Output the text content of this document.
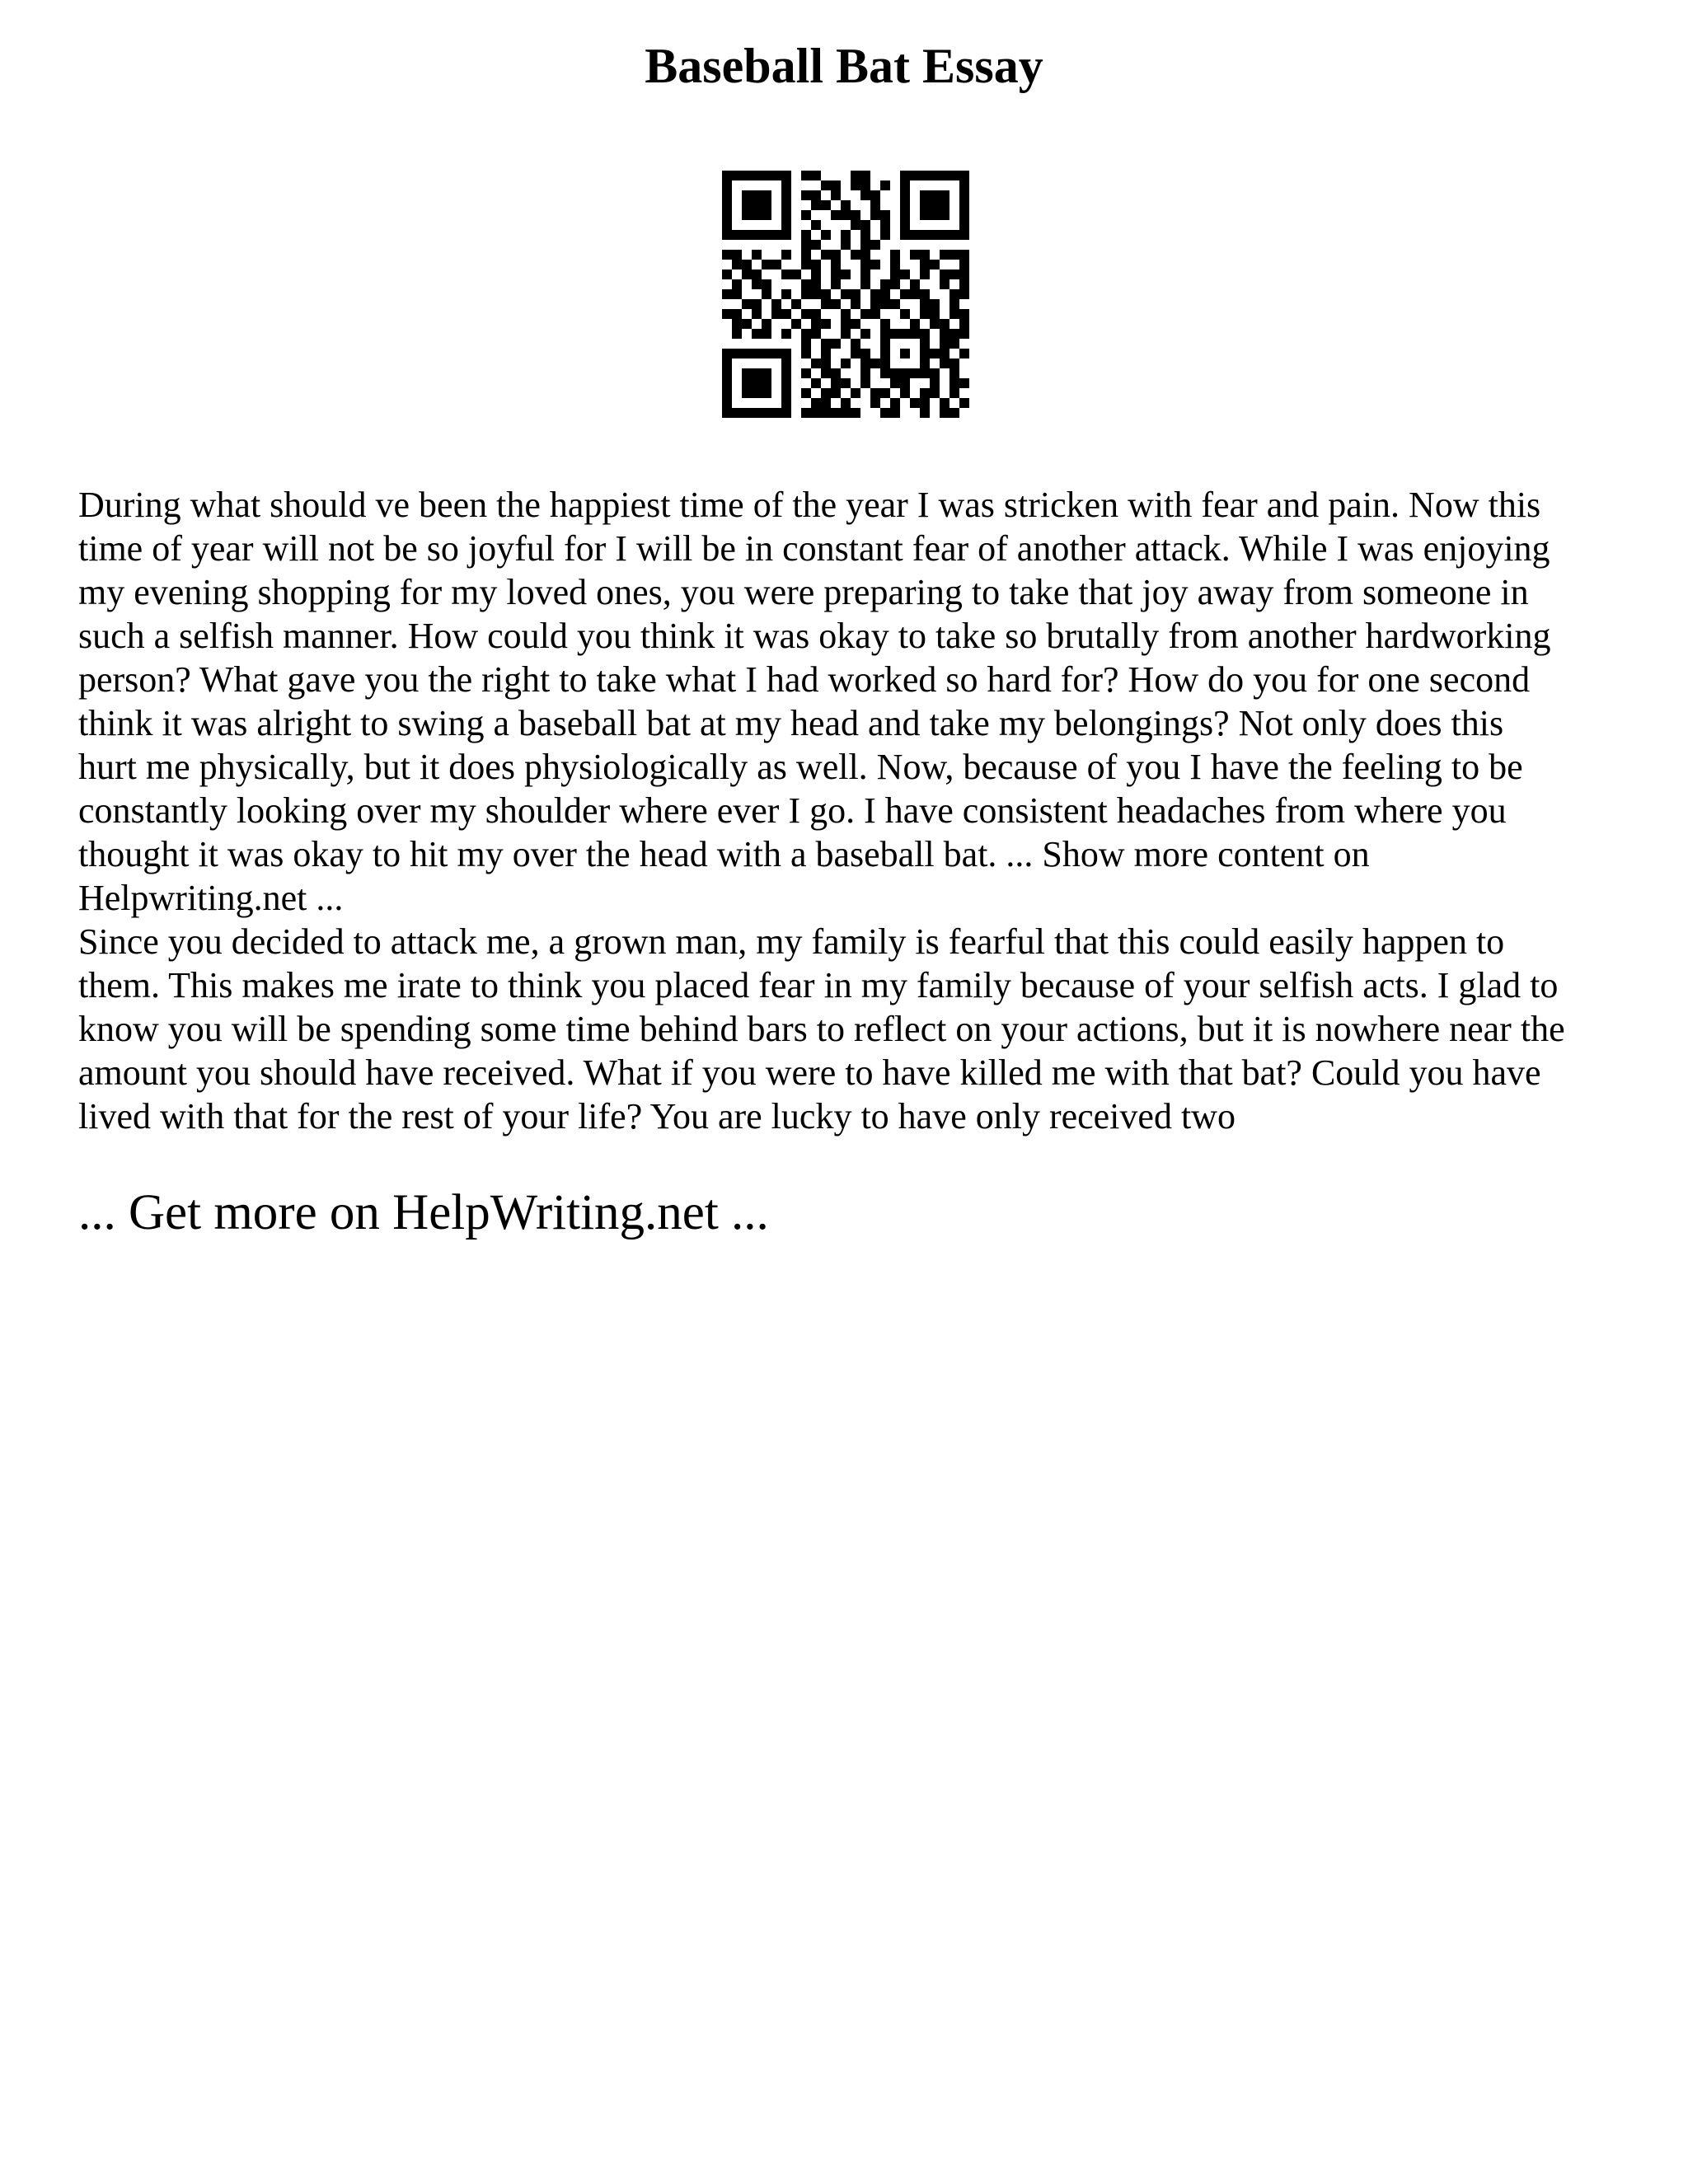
Baseball Bat Essay

During what should ve been the happiest time of the year I was stricken with fear and pain. Now this
time of year will not be so joyful for I will be in constant fear of another attack. While I was enjoying
my evening shopping for my loved ones, you were preparing to take that joy away from someone in
such a selfish manner. How could you think it was okay to take so brutally from another hardworking
person? What gave you the right to take what I had worked so hard for? How do you for one second
think it was alright to swing a baseball bat at my head and take my belongings? Not only does this
hurt me physically, but it does physiologically as well. Now, because of you I have the feeling to be
constantly looking over my shoulder where ever I go. I have consistent headaches from where you
thought it was okay to hit my over the head with a baseball bat. ... Show more content on
Helpwriting.net ...

Since you decided to attack me, a grown man, my family is fearful that this could easily happen to
them. This makes me irate to think you placed fear in my family because of your selfish acts. I glad to
know you will be spending some time behind bars to reflect on your actions, but it is nowhere near the
amount you should have received. What if you were to have killed me with that bat? Could you have
lived with that for the rest of your life? You are lucky to have only received two

... Get more on HelpWriting.net ...
